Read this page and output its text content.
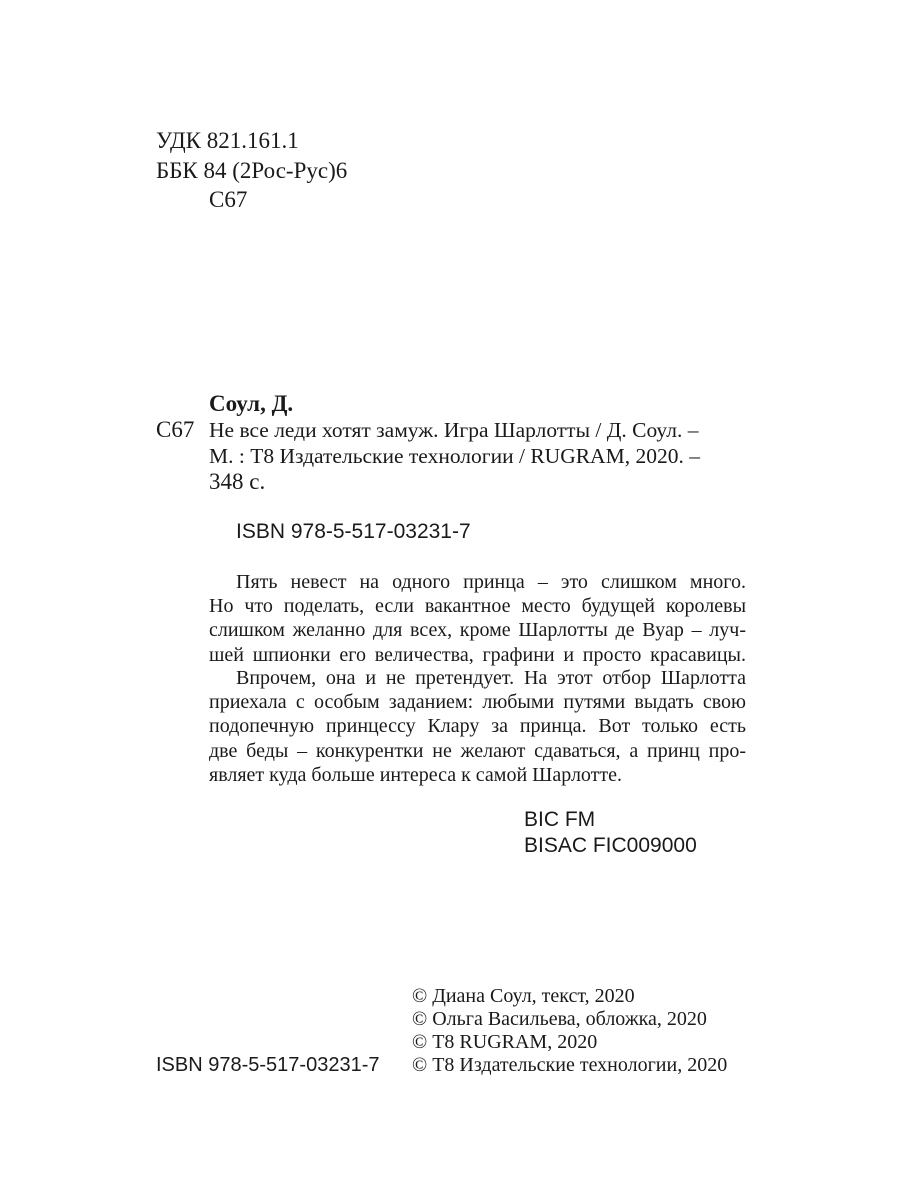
УДК 821.161.1
ББК 84 (2Рос-Рус)6
С67
Соул, Д.
С67 Не все леди хотят замуж. Игра Шарлотты / Д. Соул. –
М. : Т8 Издательские технологии / RUGRAM, 2020. –
348 с.
ISBN 978-5-517-03231-7
Пять невест на одного принца – это слишком много.
Но что поделать, если вакантное место будущей королевы
слишком желанно для всех, кроме Шарлотты де Вуар – луч-
шей шпионки его величества, графини и просто красавицы.
Впрочем, она и не претендует. На этот отбор Шарлотта
приехала с особым заданием: любыми путями выдать свою
подопечную принцессу Клару за принца. Вот только есть
две беды – конкурентки не желают сдаваться, а принц про-
являет куда больше интереса к самой Шарлотте.
BIC FM
BISAC FIC009000
© Диана Соул, текст, 2020
© Ольга Васильева, обложка, 2020
© Т8 RUGRAM, 2020
© Т8 Издательские технологии, 2020
ISBN 978-5-517-03231-7
